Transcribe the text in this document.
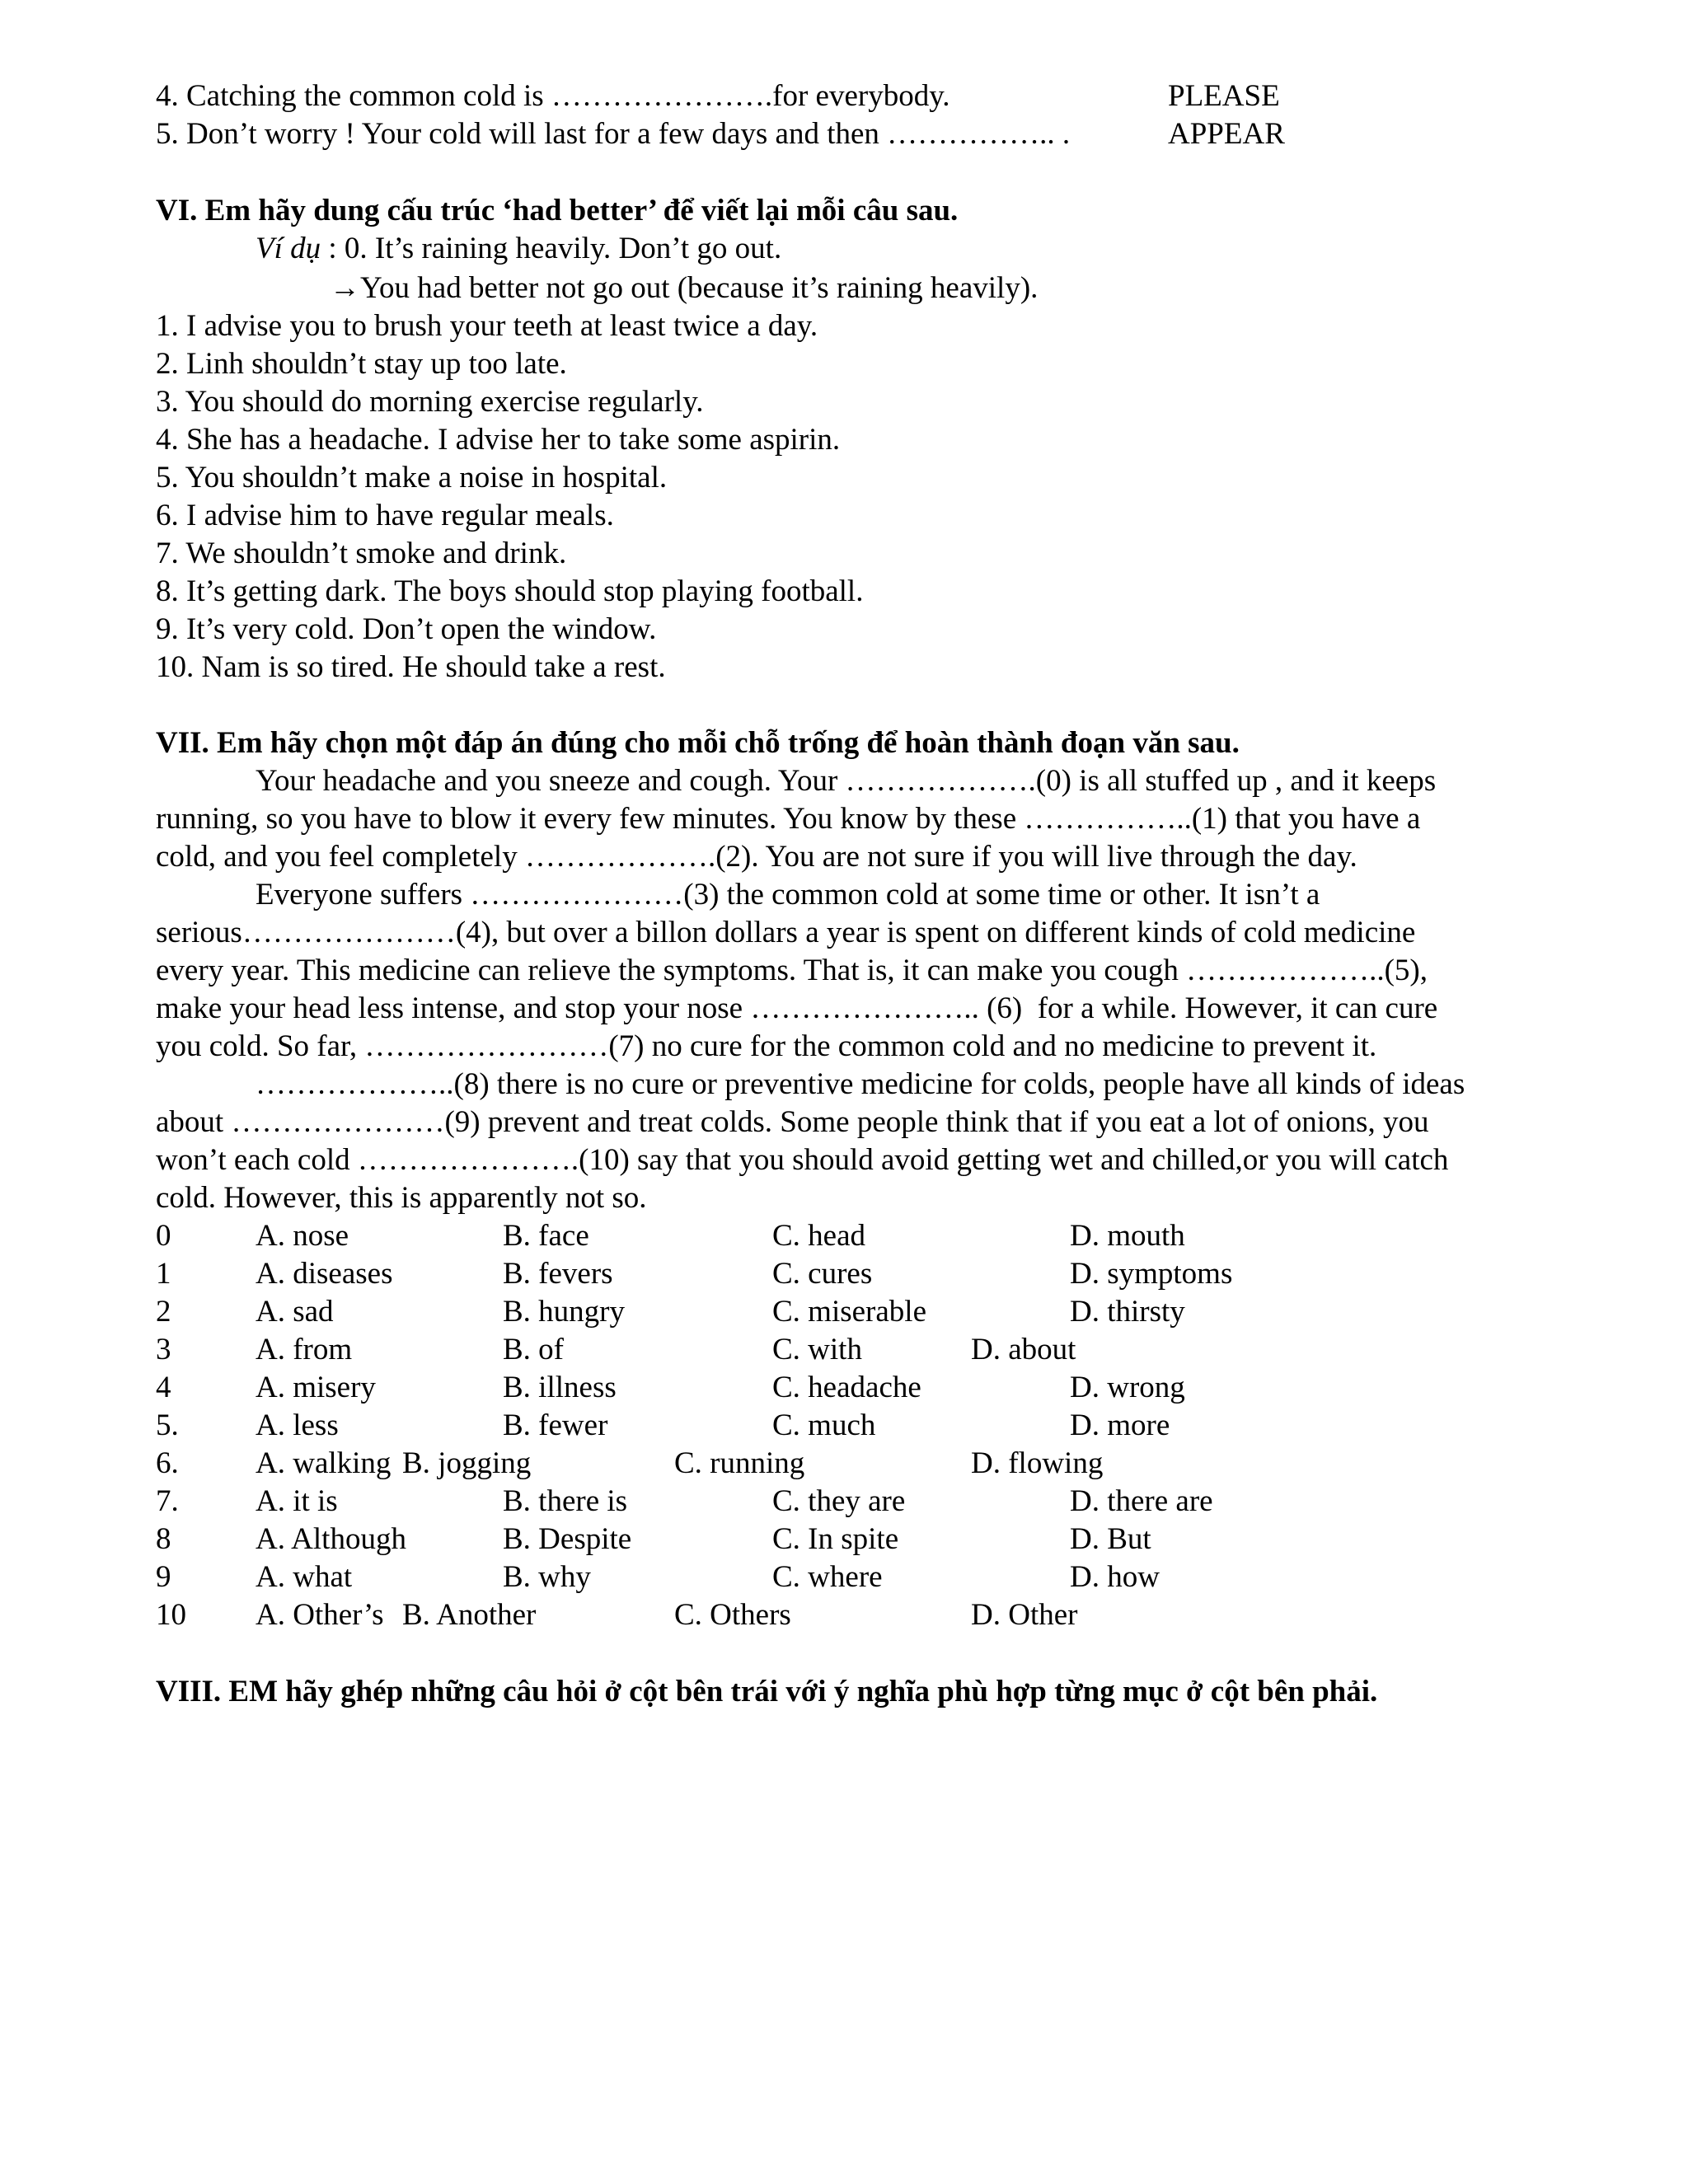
4. Catching the common cold is ………………….for everybody.	PLEASE
5. Don’t worry ! Your cold will last for a few days and then …………….. .	APPEAR
VI. Em hãy dung cấu trúc ‘had better’ để viết lại mỗi câu sau.
Ví dụ : 0. It’s raining heavily. Don’t go out.
→You had better not go out (because it’s raining heavily).
1. I advise you to brush your teeth at least twice a day.
2. Linh shouldn’t stay up too late.
3. You should do morning exercise regularly.
4. She has a headache. I advise her to take some aspirin.
5. You shouldn’t make a noise in hospital.
6. I advise him to have regular meals.
7. We shouldn’t smoke and drink.
8. It’s getting dark. The boys should stop playing football.
9. It’s very cold. Don’t open the window.
10. Nam is so tired. He should take a rest.
VII. Em hãy chọn một đáp án đúng cho mỗi chỗ trống để hoàn thành đoạn văn sau.
Your headache and you sneeze and cough. Your ……………….(0) is all stuffed up , and it keeps
running, so you have to blow it every few minutes. You know by these ……………..(1) that you have a
cold, and you feel completely ……………….(2). You are not sure if you will live through the day.
Everyone suffers …………………(3) the common cold at some time or other. It isn’t a
serious…………………(4), but over a billon dollars a year is spent on different kinds of cold medicine
every year. This medicine can relieve the symptoms. That is, it can make you cough ………………..(5),
make your head less intense, and stop your nose ………………….. (6)  for a while. However, it can cure
you cold. So far, ……………………(7) no cure for the common cold and no medicine to prevent it.
………………..(8) there is no cure or preventive medicine for colds, people have all kinds of ideas
about …………………(9) prevent and treat colds. Some people think that if you eat a lot of onions, you
won’t each cold ………………….(10) say that you should avoid getting wet and chilled,or you will catch
cold. However, this is apparently not so.
0	A. nose	B. face	C. head	D. mouth
1	A. diseases	B. fevers	C. cures	D. symptoms
2	A. sad	B. hungry	C. miserable	D. thirsty
3	A. from	B. of	C. with	D. about
4	A. misery	B. illness	C. headache	D. wrong
5.	A. less	B. fewer	C. much	D. more
6.	A. walking B. jogging	C. running	D. flowing
7.	A. it is	B. there is	C. they are	D. there are
8	A. Although	B. Despite	C. In spite	D. But
9	A. what	B. why	C. where	D. how
10 A. Other’s B. Another	C. Others	D. Other
VIII. EM hãy ghép những câu hỏi ở cột bên trái với ý nghĩa phù hợp từng mục ở cột bên phải.
